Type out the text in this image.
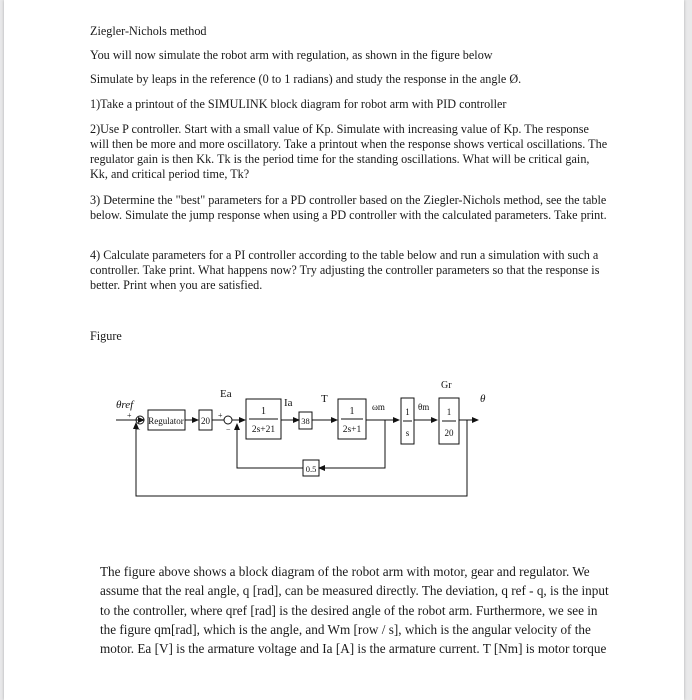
Ziegler-Nichols method

You will now simulate the robot arm with regulation, as shown in the figure below

Simulate by leaps in the reference (0 to 1 radians) and study the response in the angle Ø.

1)Take a printout of the SIMULINK block diagram for robot arm with PID controller

2)Use P controller. Start with a small value of Kp. Simulate with increasing value of Kp. The response will then be more and more oscillatory. Take a printout when the response shows vertical oscillations. The regulator gain is then Kk. Tk is the period time for the standing oscillations. What will be critical gain, Kk, and critical period time, Tk?

3) Determine the "best" parameters for a PD controller based on the Ziegler-Nichols method, see the table below. Simulate the jump response when using a PD controller with the calculated parameters. Take print.

4) Calculate parameters for a PI controller according to the table below and run a simulation with such a controller. Take print. What happens now? Try adjusting the controller parameters so that the response is better. Print when you are satisfied.

Figure

θref
+
−
Regulator 20
Ea
+
−
1
2s+21
Ia
38
T
1
2s+1
ωm 1
s
θm
Gr
1
20
θ
0.5

The figure above shows a block diagram of the robot arm with motor, gear and regulator. We assume that the real angle, q [rad], can be measured directly. The deviation, q ref - q, is the input to the controller, where qref [rad] is the desired angle of the robot arm. Furthermore, we see in the figure qm[rad], which is the angle, and Wm [row / s], which is the angular velocity of the motor. Ea [V] is the armature voltage and Ia [A] is the armature current. T [Nm] is motor torque
